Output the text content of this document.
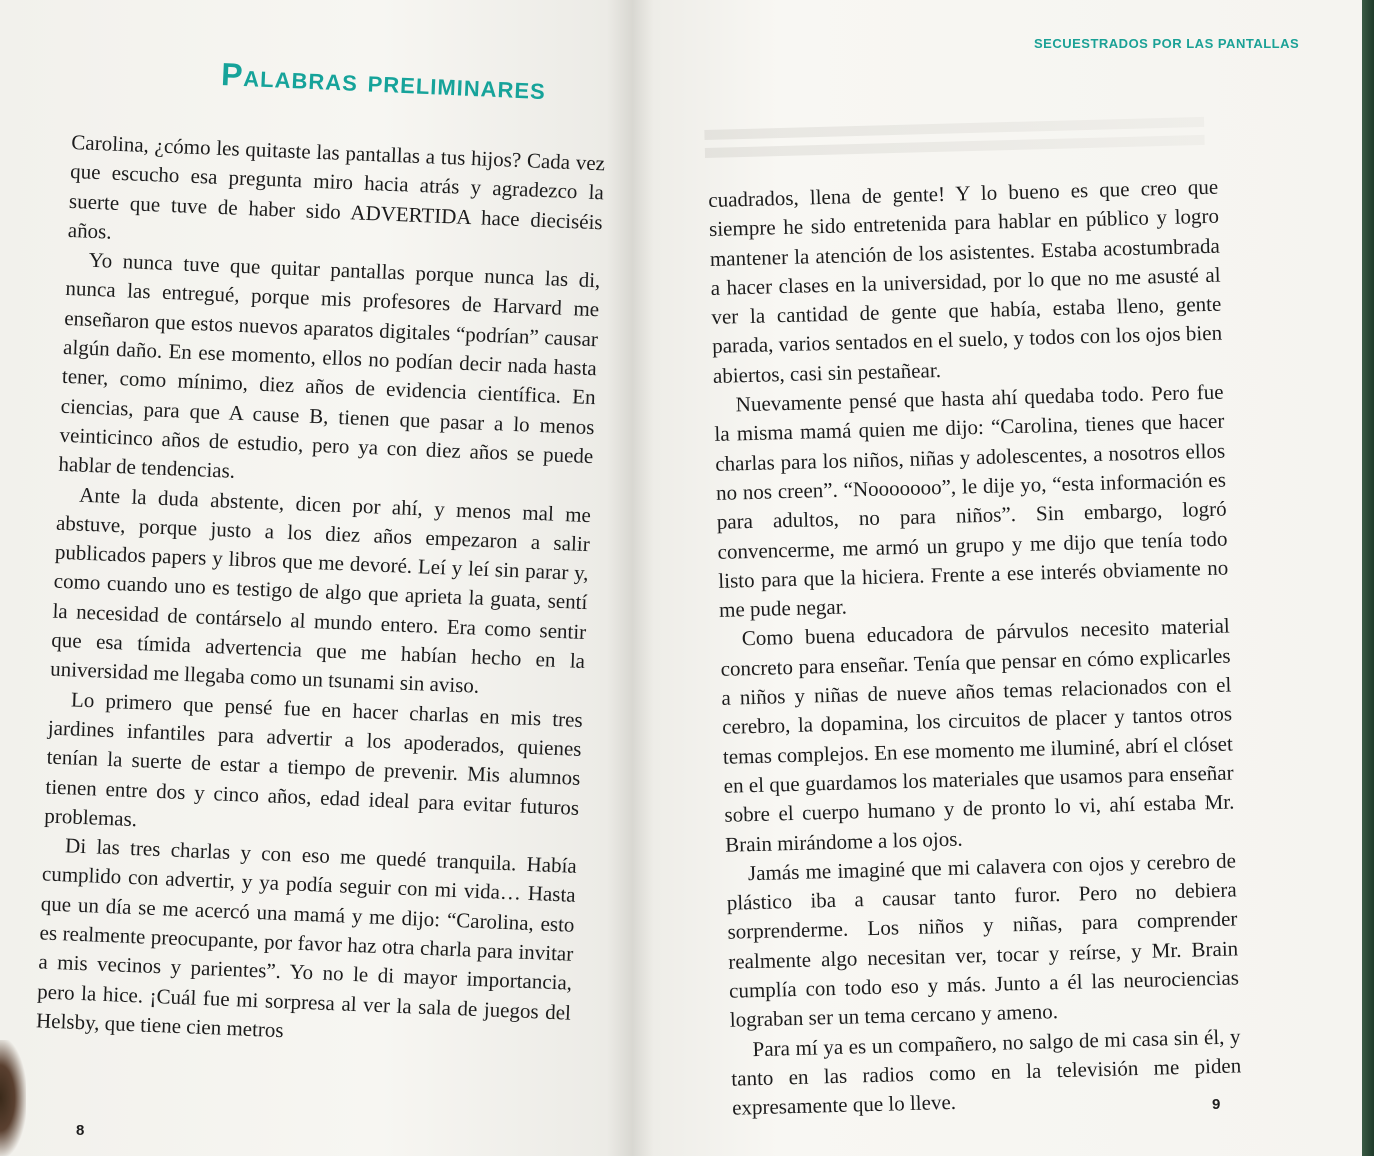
Palabras preliminares

Carolina, ¿cómo les quitaste las pantallas a tus hijos? Cada vez que escucho esa pregunta miro hacia atrás y agradezco la suerte que tuve de haber sido ADVERTIDA hace dieciséis años.

Yo nunca tuve que quitar pantallas porque nunca las di, nunca las entregué, porque mis profesores de Harvard me enseñaron que estos nuevos aparatos digitales “podrían” causar algún daño. En ese momento, ellos no podían decir nada hasta tener, como mínimo, diez años de evidencia científica. En ciencias, para que A cause B, tienen que pasar a lo menos veinticinco años de estudio, pero ya con diez años se puede hablar de tendencias.

Ante la duda abstente, dicen por ahí, y menos mal me abstuve, porque justo a los diez años empezaron a salir publicados papers y libros que me devoré. Leí y leí sin parar y, como cuando uno es testigo de algo que aprieta la guata, sentí la necesidad de contárselo al mundo entero. Era como sentir que esa tímida advertencia que me habían hecho en la universidad me llegaba como un tsunami sin aviso.

Lo primero que pensé fue en hacer charlas en mis tres jardines infantiles para advertir a los apoderados, quienes tenían la suerte de estar a tiempo de prevenir. Mis alumnos tienen entre dos y cinco años, edad ideal para evitar futuros problemas.

Di las tres charlas y con eso me quedé tranquila. Había cumplido con advertir, y ya podía seguir con mi vida… Hasta que un día se me acercó una mamá y me dijo: “Carolina, esto es realmente preocupante, por favor haz otra charla para invitar a mis vecinos y parientes”. Yo no le di mayor importancia, pero la hice. ¡Cuál fue mi sorpresa al ver la sala de juegos del Helsby, que tiene cien metros

8
SECUESTRADOS POR LAS PANTALLAS

cuadrados, llena de gente! Y lo bueno es que creo que siempre he sido entretenida para hablar en público y logro mantener la atención de los asistentes. Estaba acostumbrada a hacer clases en la universidad, por lo que no me asusté al ver la cantidad de gente que había, estaba lleno, gente parada, varios sentados en el suelo, y todos con los ojos bien abiertos, casi sin pestañear.

Nuevamente pensé que hasta ahí quedaba todo. Pero fue la misma mamá quien me dijo: “Carolina, tienes que hacer charlas para los niños, niñas y adolescentes, a nosotros ellos no nos creen”. “Nooooooo”, le dije yo, “esta información es para adultos, no para niños”. Sin embargo, logró convencerme, me armó un grupo y me dijo que tenía todo listo para que la hiciera. Frente a ese interés obviamente no me pude negar.

Como buena educadora de párvulos necesito material concreto para enseñar. Tenía que pensar en cómo explicarles a niños y niñas de nueve años temas relacionados con el cerebro, la dopamina, los circuitos de placer y tantos otros temas complejos. En ese momento me iluminé, abrí el clóset en el que guardamos los materiales que usamos para enseñar sobre el cuerpo humano y de pronto lo vi, ahí estaba Mr. Brain mirándome a los ojos.

Jamás me imaginé que mi calavera con ojos y cerebro de plástico iba a causar tanto furor. Pero no debiera sorprenderme. Los niños y niñas, para comprender realmente algo necesitan ver, tocar y reírse, y Mr. Brain cumplía con todo eso y más. Junto a él las neurociencias lograban ser un tema cercano y ameno.

Para mí ya es un compañero, no salgo de mi casa sin él, y tanto en las radios como en la televisión me piden expresamente que lo lleve.	9
